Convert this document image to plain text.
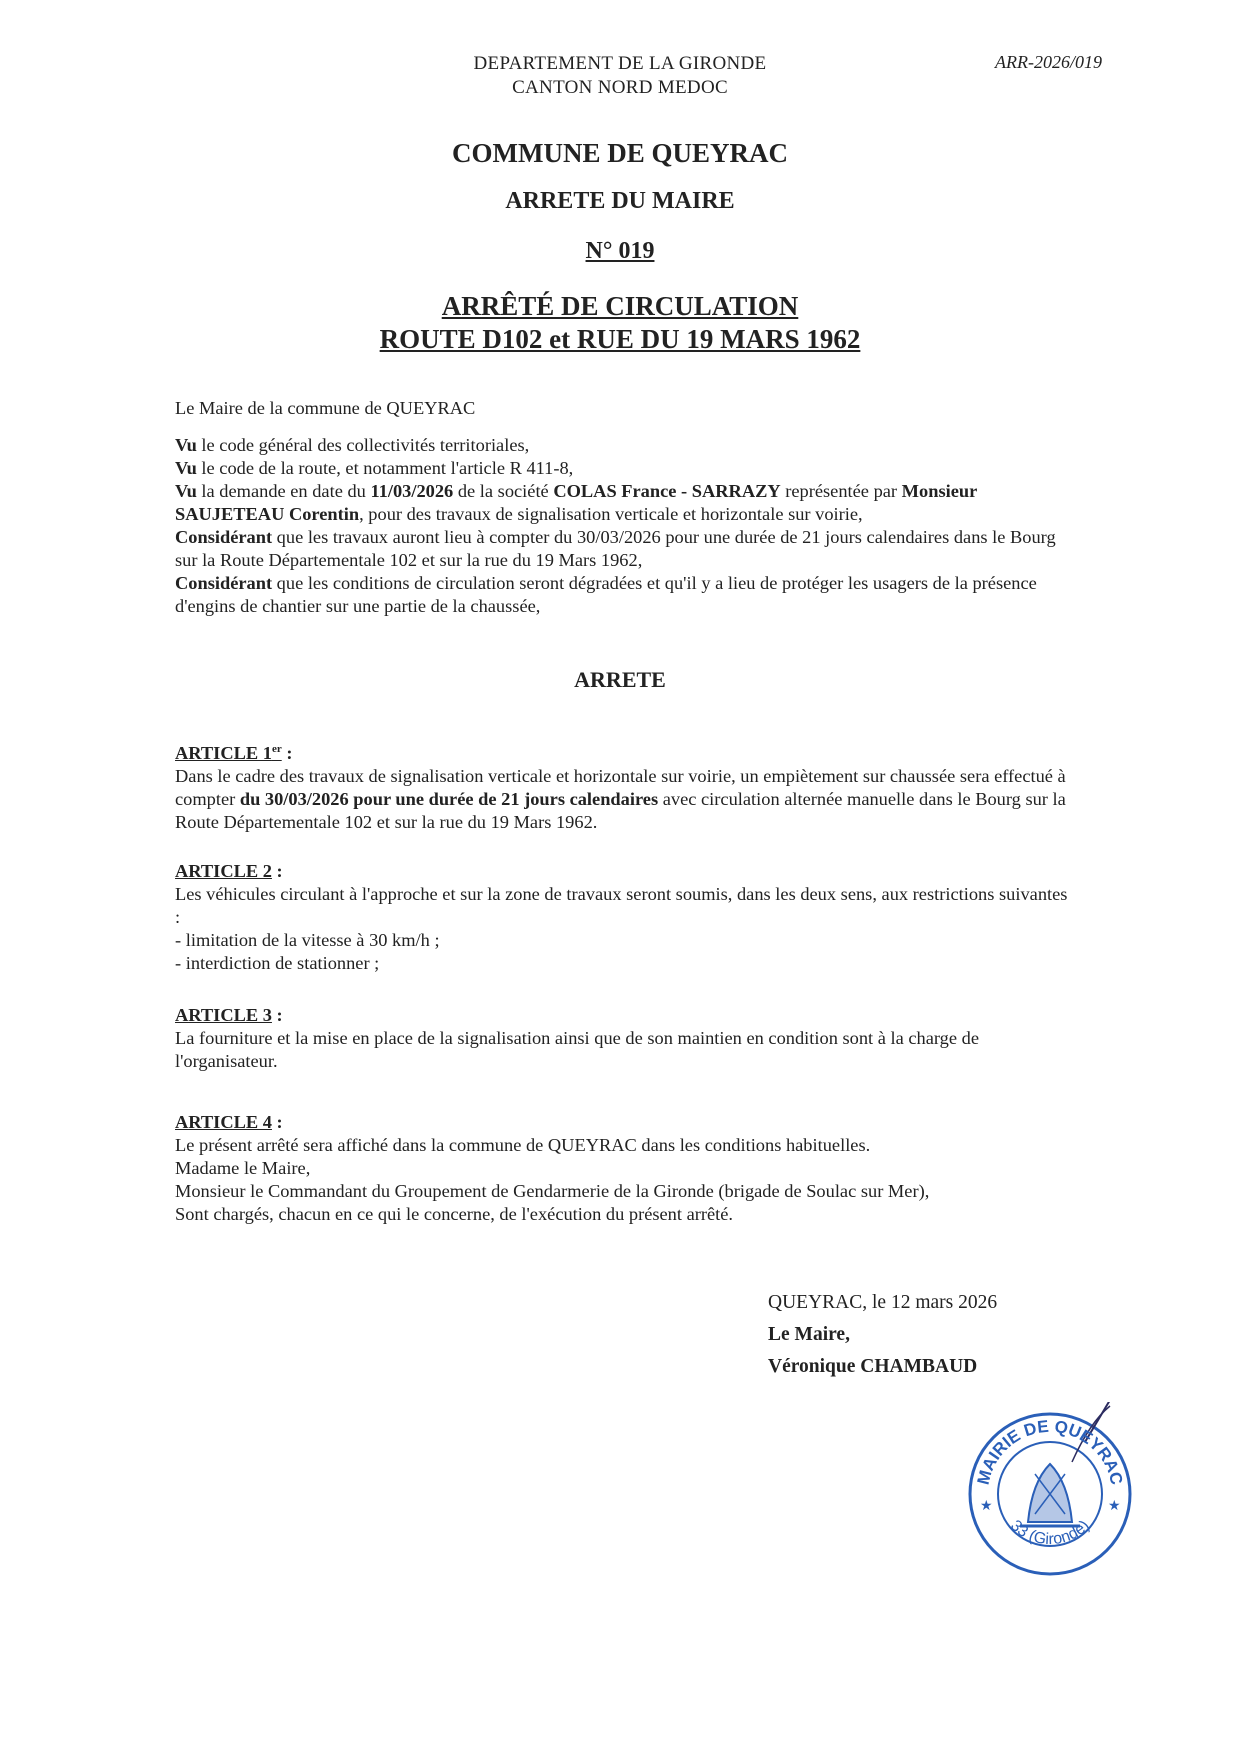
DEPARTEMENT DE LA GIRONDE
CANTON NORD MEDOC
ARR-2026/019
COMMUNE DE QUEYRAC
ARRETE DU MAIRE
N° 019
ARRÊTÉ DE CIRCULATION
ROUTE D102 et RUE DU 19 MARS 1962
Le Maire de la commune de QUEYRAC

Vu le code général des collectivités territoriales,

Vu le code de la route, et notamment l'article R 411-8,

Vu la demande en date du 11/03/2026 de la société COLAS France - SARRAZY représentée par Monsieur SAUJETEAU Corentin, pour des travaux de signalisation verticale et horizontale sur voirie,

Considérant que les travaux auront lieu à compter du 30/03/2026 pour une durée de 21 jours calendaires dans le Bourg sur la Route Départementale 102 et sur la rue du 19 Mars 1962,

Considérant que les conditions de circulation seront dégradées et qu'il y a lieu de protéger les usagers de la présence d'engins de chantier sur une partie de la chaussée,

ARRETE
ARTICLE 1er :

Dans le cadre des travaux de signalisation verticale et horizontale sur voirie, un empiètement sur chaussée sera effectué à compter du 30/03/2026 pour une durée de 21 jours calendaires avec circulation alternée manuelle dans le Bourg sur la Route Départementale 102 et sur la rue du 19 Mars 1962.

ARTICLE 2 :

Les véhicules circulant à l'approche et sur la zone de travaux seront soumis, dans les deux sens, aux restrictions suivantes :

- limitation de la vitesse à 30 km/h ;

- interdiction de stationner ;

ARTICLE 3 :

La fourniture et la mise en place de la signalisation ainsi que de son maintien en condition sont à la charge de l'organisateur.

ARTICLE 4 :

Le présent arrêté sera affiché dans la commune de QUEYRAC dans les conditions habituelles.

Madame le Maire,

Monsieur le Commandant du Groupement de Gendarmerie de la Gironde (brigade de Soulac sur Mer),

Sont chargés, chacun en ce qui le concerne, de l'exécution du présent arrêté.

QUEYRAC, le 12 mars 2026
Le Maire,
Véronique CHAMBAUD
MAIRIE DE QUEYRAC
33 (Gironde)
★	★
